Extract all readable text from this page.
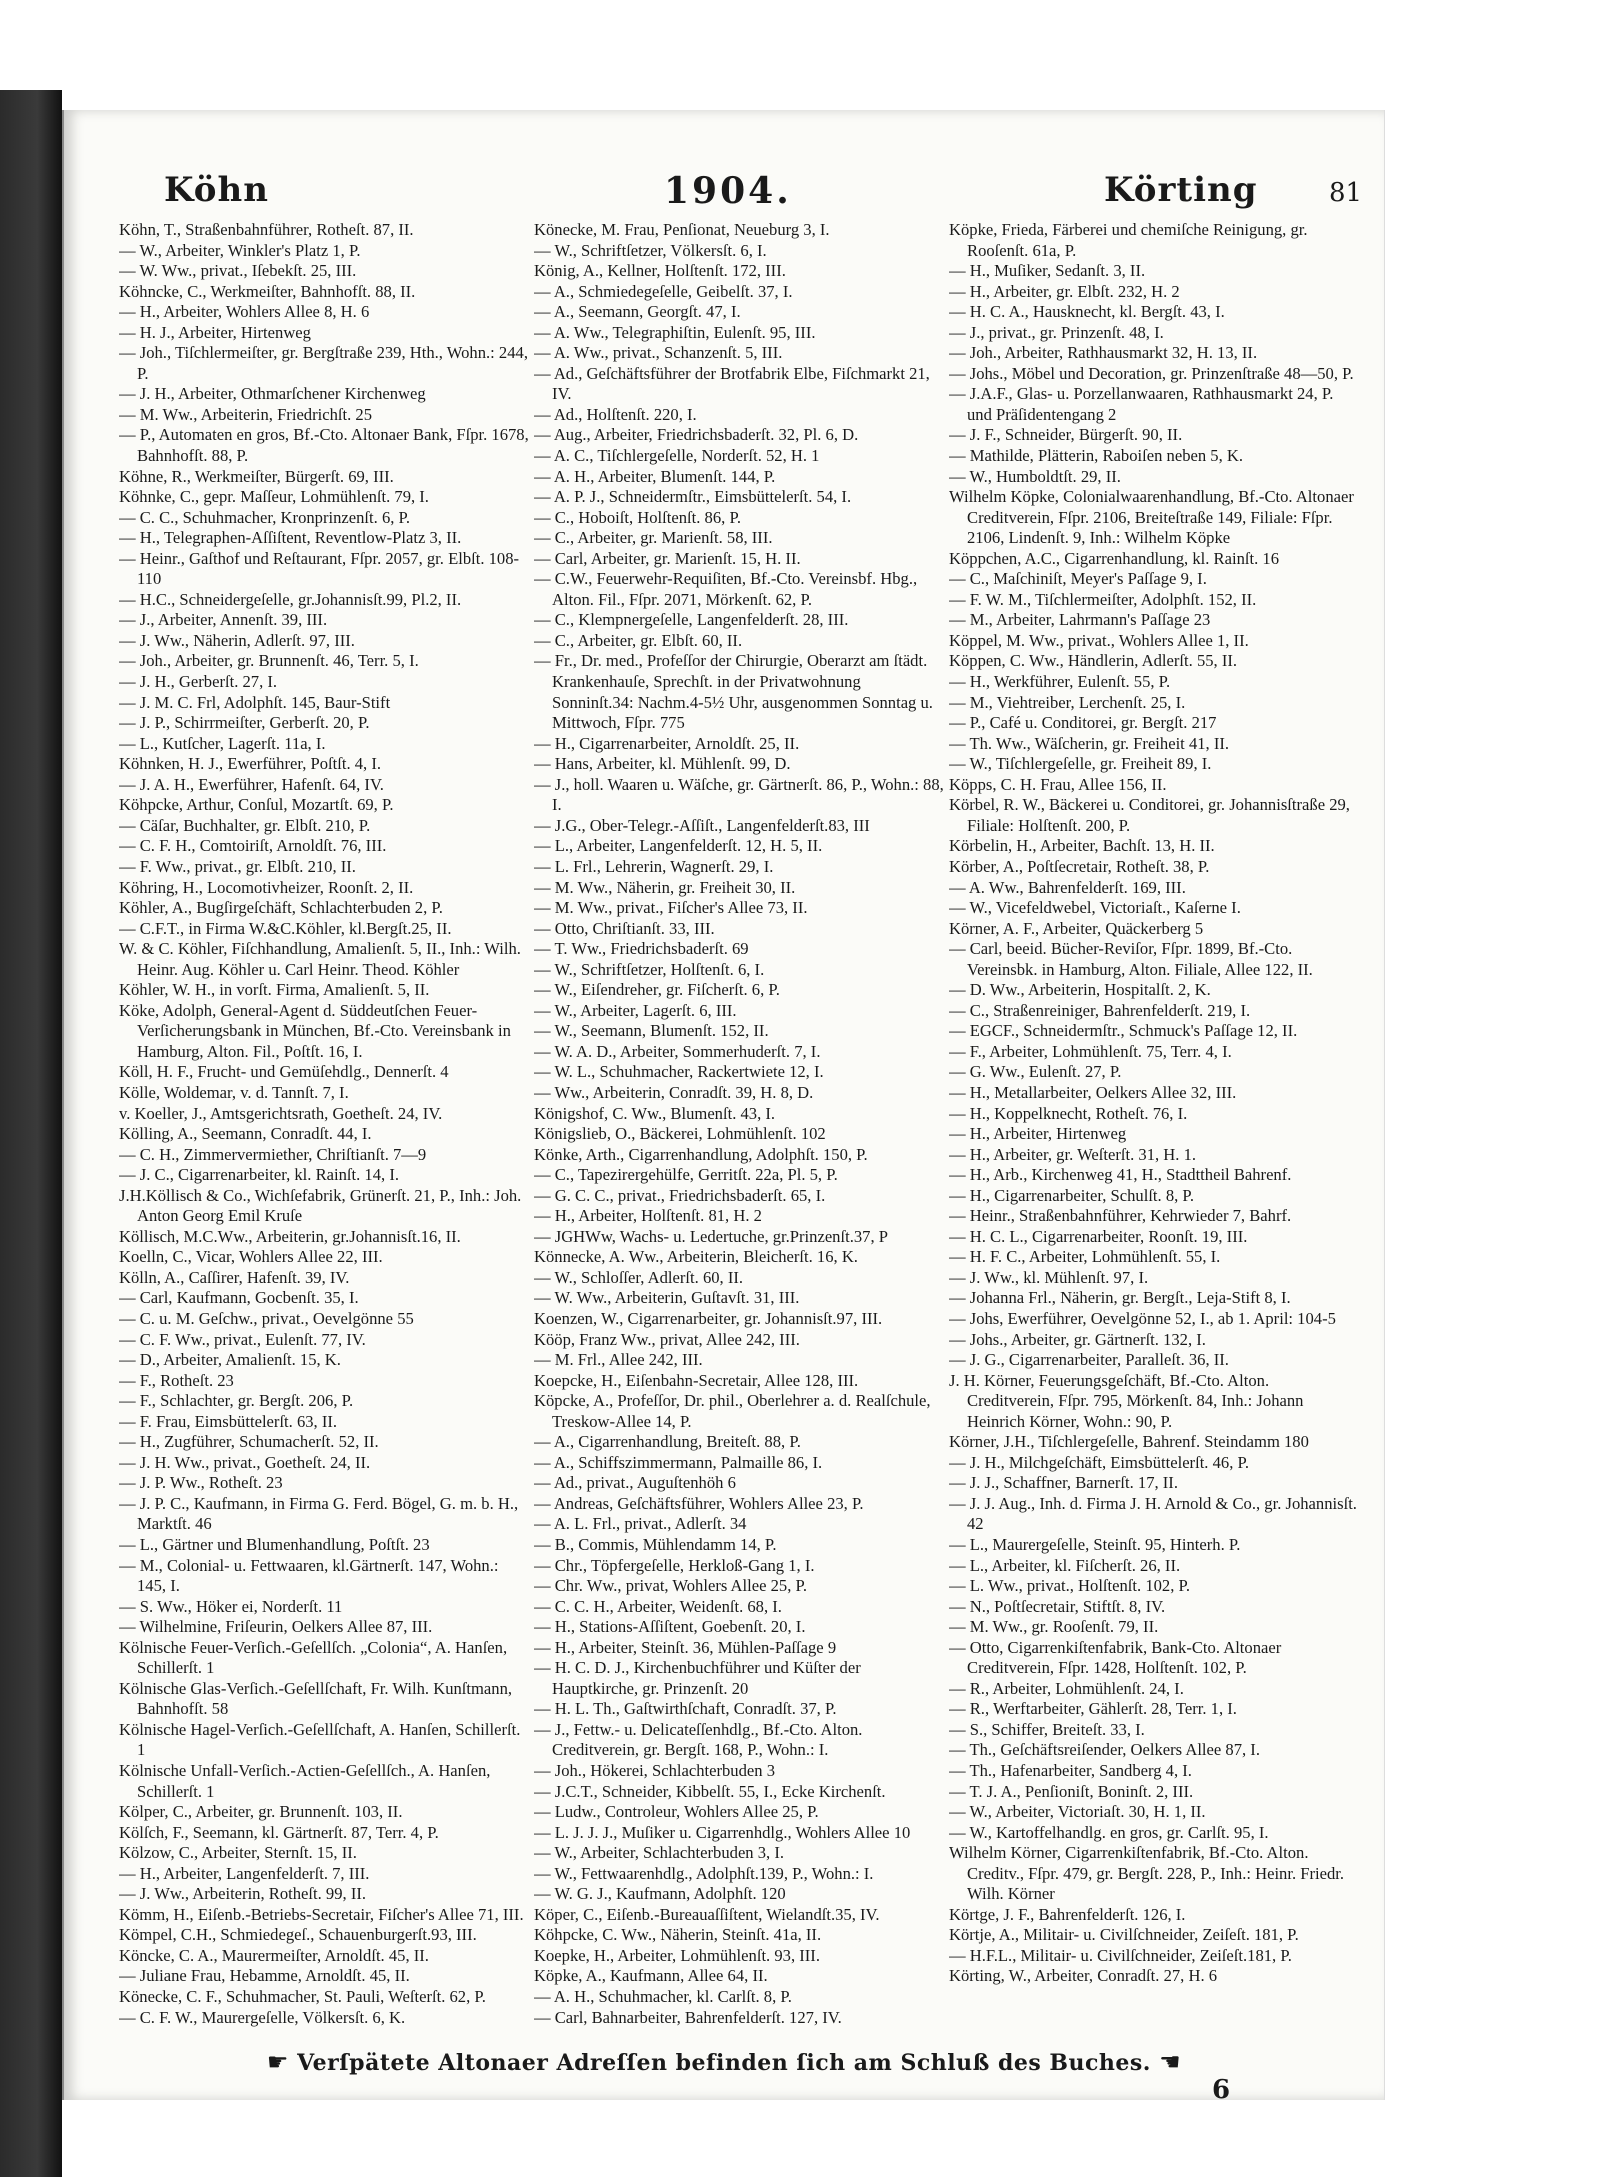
Köhn	1904.	Körting	81
Köhn, T., Straßenbahnführer, Rotheſt. 87, II.
— W., Arbeiter, Winkler's Platz 1, P.
— W. Ww., privat., Iſebekſt. 25, III.
Köhncke, C., Werkmeiſter, Bahnhofſt. 88, II.
— H., Arbeiter, Wohlers Allee 8, H. 6
— H. J., Arbeiter, Hirtenweg
— Joh., Tiſchlermeiſter, gr. Bergſtraße 239, Hth., Wohn.: 244, P.
— J. H., Arbeiter, Othmarſchener Kirchenweg
— M. Ww., Arbeiterin, Friedrichſt. 25
— P., Automaten en gros, Bf.-Cto. Altonaer Bank, Fſpr. 1678, Bahnhofſt. 88, P.
Köhne, R., Werkmeiſter, Bürgerſt. 69, III.
Köhnke, C., gepr. Maſſeur, Lohmühlenſt. 79, I.
— C. C., Schuhmacher, Kronprinzenſt. 6, P.
— H., Telegraphen-Aſſiſtent, Reventlow-Platz 3, II.
— Heinr., Gaſthof und Reſtaurant, Fſpr. 2057, gr. Elbſt. 108-110
— H.C., Schneidergeſelle, gr.Johannisſt.99, Pl.2, II.
— J., Arbeiter, Annenſt. 39, III.
— J. Ww., Näherin, Adlerſt. 97, III.
— Joh., Arbeiter, gr. Brunnenſt. 46, Terr. 5, I.
— J. H., Gerberſt. 27, I.
— J. M. C. Frl, Adolphſt. 145, Baur-Stift
— J. P., Schirrmeiſter, Gerberſt. 20, P.
— L., Kutſcher, Lagerſt. 11a, I.
Köhnken, H. J., Ewerführer, Poſtſt. 4, I.
— J. A. H., Ewerführer, Hafenſt. 64, IV.
Köhpcke, Arthur, Conſul, Mozartſt. 69, P.
— Cäſar, Buchhalter, gr. Elbſt. 210, P.
— C. F. H., Comtoiriſt, Arnoldſt. 76, III.
— F. Ww., privat., gr. Elbſt. 210, II.
Köhring, H., Locomotivheizer, Roonſt. 2, II.
Köhler, A., Bugſirgeſchäft, Schlachterbuden 2, P.
— C.F.T., in Firma W.&C.Köhler, kl.Bergſt.25, II.
W. & C. Köhler, Fiſchhandlung, Amalienſt. 5, II., Inh.: Wilh. Heinr. Aug. Köhler u. Carl Heinr. Theod. Köhler
Köhler, W. H., in vorſt. Firma, Amalienſt. 5, II.
Köke, Adolph, General-Agent d. Süddeutſchen Feuer-Verſicherungsbank in München, Bf.-Cto. Vereinsbank in Hamburg, Alton. Fil., Poſtſt. 16, I.
Köll, H. F., Frucht- und Gemüſehdlg., Dennerſt. 4
Kölle, Woldemar, v. d. Tannſt. 7, I.
v. Koeller, J., Amtsgerichtsrath, Goetheſt. 24, IV.
Kölling, A., Seemann, Conradſt. 44, I.
— C. H., Zimmervermiether, Chriſtianſt. 7—9
— J. C., Cigarrenarbeiter, kl. Rainſt. 14, I.
J.H.Köllisch & Co., Wichſefabrik, Grünerſt. 21, P., Inh.: Joh. Anton Georg Emil Kruſe
Köllisch, M.C.Ww., Arbeiterin, gr.Johannisſt.16, II.
Koelln, C., Vicar, Wohlers Allee 22, III.
Kölln, A., Caſſirer, Hafenſt. 39, IV.
— Carl, Kaufmann, Gocbenſt. 35, I.
— C. u. M. Geſchw., privat., Oevelgönne 55
— C. F. Ww., privat., Eulenſt. 77, IV.
— D., Arbeiter, Amalienſt. 15, K.
— F., Rotheſt. 23
— F., Schlachter, gr. Bergſt. 206, P.
— F. Frau, Eimsbüttelerſt. 63, II.
— H., Zugführer, Schumacherſt. 52, II.
— J. H. Ww., privat., Goetheſt. 24, II.
— J. P. Ww., Rotheſt. 23
— J. P. C., Kaufmann, in Firma G. Ferd. Bögel, G. m. b. H., Marktſt. 46
— L., Gärtner und Blumenhandlung, Poſtſt. 23
— M., Colonial- u. Fettwaaren, kl.Gärtnerſt. 147, Wohn.: 145, I.
— S. Ww., Höker ei, Norderſt. 11
— Wilhelmine, Friſeurin, Oelkers Allee 87, III.
Kölnische Feuer-Verſich.-Geſellſch. „Colonia“, A. Hanſen, Schillerſt. 1
Kölnische Glas-Verſich.-Geſellſchaft, Fr. Wilh. Kunſtmann, Bahnhofſt. 58
Kölnische Hagel-Verſich.-Geſellſchaft, A. Hanſen, Schillerſt. 1
Kölnische Unfall-Verſich.-Actien-Geſellſch., A. Hanſen, Schillerſt. 1
Kölper, C., Arbeiter, gr. Brunnenſt. 103, II.
Kölſch, F., Seemann, kl. Gärtnerſt. 87, Terr. 4, P.
Kölzow, C., Arbeiter, Sternſt. 15, II.
— H., Arbeiter, Langenfelderſt. 7, III.
— J. Ww., Arbeiterin, Rotheſt. 99, II.
Kömm, H., Eiſenb.-Betriebs-Secretair, Fiſcher's Allee 71, III.
Kömpel, C.H., Schmiedegeſ., Schauenburgerſt.93, III.
Köncke, C. A., Maurermeiſter, Arnoldſt. 45, II.
— Juliane Frau, Hebamme, Arnoldſt. 45, II.
Könecke, C. F., Schuhmacher, St. Pauli, Weſterſt. 62, P.
— C. F. W., Maurergeſelle, Völkersſt. 6, K.
Könecke, M. Frau, Penſionat, Neueburg 3, I.
— W., Schriftſetzer, Völkersſt. 6, I.
König, A., Kellner, Holſtenſt. 172, III.
— A., Schmiedegeſelle, Geibelſt. 37, I.
— A., Seemann, Georgſt. 47, I.
— A. Ww., Telegraphiſtin, Eulenſt. 95, III.
— A. Ww., privat., Schanzenſt. 5, III.
— Ad., Geſchäftsführer der Brotfabrik Elbe, Fiſchmarkt 21, IV.
— Ad., Holſtenſt. 220, I.
— Aug., Arbeiter, Friedrichsbaderſt. 32, Pl. 6, D.
— A. C., Tiſchlergeſelle, Norderſt. 52, H. 1
— A. H., Arbeiter, Blumenſt. 144, P.
— A. P. J., Schneidermſtr., Eimsbüttelerſt. 54, I.
— C., Hoboiſt, Holſtenſt. 86, P.
— C., Arbeiter, gr. Marienſt. 58, III.
— Carl, Arbeiter, gr. Marienſt. 15, H. II.
— C.W., Feuerwehr-Requiſiten, Bf.-Cto. Vereinsbf. Hbg., Alton. Fil., Fſpr. 2071, Mörkenſt. 62, P.
— C., Klempnergeſelle, Langenfelderſt. 28, III.
— C., Arbeiter, gr. Elbſt. 60, II.
— Fr., Dr. med., Profeſſor der Chirurgie, Oberarzt am ſtädt. Krankenhauſe, Sprechſt. in der Privatwohnung Sonninſt.34: Nachm.4-5½ Uhr, ausgenommen Sonntag u. Mittwoch, Fſpr. 775
— H., Cigarrenarbeiter, Arnoldſt. 25, II.
— Hans, Arbeiter, kl. Mühlenſt. 99, D.
— J., holl. Waaren u. Wäſche, gr. Gärtnerſt. 86, P., Wohn.: 88, I.
— J.G., Ober-Telegr.-Aſſiſt., Langenfelderſt.83, III
— L., Arbeiter, Langenfelderſt. 12, H. 5, II.
— L. Frl., Lehrerin, Wagnerſt. 29, I.
— M. Ww., Näherin, gr. Freiheit 30, II.
— M. Ww., privat., Fiſcher's Allee 73, II.
— Otto, Chriſtianſt. 33, III.
— T. Ww., Friedrichsbaderſt. 69
— W., Schriftſetzer, Holſtenſt. 6, I.
— W., Eiſendreher, gr. Fiſcherſt. 6, P.
— W., Arbeiter, Lagerſt. 6, III.
— W., Seemann, Blumenſt. 152, II.
— W. A. D., Arbeiter, Sommerhuderſt. 7, I.
— W. L., Schuhmacher, Rackertwiete 12, I.
— Ww., Arbeiterin, Conradſt. 39, H. 8, D.
Königshof, C. Ww., Blumenſt. 43, I.
Königslieb, O., Bäckerei, Lohmühlenſt. 102
Könke, Arth., Cigarrenhandlung, Adolphſt. 150, P.
— C., Tapezirergehülfe, Gerritſt. 22a, Pl. 5, P.
— G. C. C., privat., Friedrichsbaderſt. 65, I.
— H., Arbeiter, Holſtenſt. 81, H. 2
— JGHWw, Wachs- u. Ledertuche, gr.Prinzenſt.37, P
Könnecke, A. Ww., Arbeiterin, Bleicherſt. 16, K.
— W., Schloſſer, Adlerſt. 60, II.
— W. Ww., Arbeiterin, Guſtavſt. 31, III.
Koenzen, W., Cigarrenarbeiter, gr. Johannisſt.97, III.
Kööp, Franz Ww., privat, Allee 242, III.
— M. Frl., Allee 242, III.
Koepcke, H., Eiſenbahn-Secretair, Allee 128, III.
Köpcke, A., Profeſſor, Dr. phil., Oberlehrer a. d. Realſchule, Treskow-Allee 14, P.
— A., Cigarrenhandlung, Breiteſt. 88, P.
— A., Schiffszimmermann, Palmaille 86, I.
— Ad., privat., Auguſtenhöh 6
— Andreas, Geſchäftsführer, Wohlers Allee 23, P.
— A. L. Frl., privat., Adlerſt. 34
— B., Commis, Mühlendamm 14, P.
— Chr., Töpfergeſelle, Herkloß-Gang 1, I.
— Chr. Ww., privat, Wohlers Allee 25, P.
— C. C. H., Arbeiter, Weidenſt. 68, I.
— H., Stations-Aſſiſtent, Goebenſt. 20, I.
— H., Arbeiter, Steinſt. 36, Mühlen-Paſſage 9
— H. C. D. J., Kirchenbuchführer und Küſter der Hauptkirche, gr. Prinzenſt. 20
— H. L. Th., Gaſtwirthſchaft, Conradſt. 37, P.
— J., Fettw.- u. Delicateſſenhdlg., Bf.-Cto. Alton. Creditverein, gr. Bergſt. 168, P., Wohn.: I.
— Joh., Hökerei, Schlachterbuden 3
— J.C.T., Schneider, Kibbelſt. 55, I., Ecke Kirchenſt.
— Ludw., Controleur, Wohlers Allee 25, P.
— L. J. J. J., Muſiker u. Cigarrenhdlg., Wohlers Allee 10
— W., Arbeiter, Schlachterbuden 3, I.
— W., Fettwaarenhdlg., Adolphſt.139, P., Wohn.: I.
— W. G. J., Kaufmann, Adolphſt. 120
Köper, C., Eiſenb.-Bureauaſſiſtent, Wielandſt.35, IV.
Köhpcke, C. Ww., Näherin, Steinſt. 41a, II.
Koepke, H., Arbeiter, Lohmühlenſt. 93, III.
Köpke, A., Kaufmann, Allee 64, II.
— A. H., Schuhmacher, kl. Carlſt. 8, P.
— Carl, Bahnarbeiter, Bahrenfelderſt. 127, IV.
Köpke, Frieda, Färberei und chemiſche Reinigung, gr. Rooſenſt. 61a, P.
— H., Muſiker, Sedanſt. 3, II.
— H., Arbeiter, gr. Elbſt. 232, H. 2
— H. C. A., Hausknecht, kl. Bergſt. 43, I.
— J., privat., gr. Prinzenſt. 48, I.
— Joh., Arbeiter, Rathhausmarkt 32, H. 13, II.
— Johs., Möbel und Decoration, gr. Prinzenſtraße 48—50, P.
— J.A.F., Glas- u. Porzellanwaaren, Rathhausmarkt 24, P. und Präſidentengang 2
— J. F., Schneider, Bürgerſt. 90, II.
— Mathilde, Plätterin, Raboiſen neben 5, K.
— W., Humboldtſt. 29, II.
Wilhelm Köpke, Colonialwaarenhandlung, Bf.-Cto. Altonaer Creditverein, Fſpr. 2106, Breiteſtraße 149, Filiale: Fſpr. 2106, Lindenſt. 9, Inh.: Wilhelm Köpke
Köppchen, A.C., Cigarrenhandlung, kl. Rainſt. 16
— C., Maſchiniſt, Meyer's Paſſage 9, I.
— F. W. M., Tiſchlermeiſter, Adolphſt. 152, II.
— M., Arbeiter, Lahrmann's Paſſage 23
Köppel, M. Ww., privat., Wohlers Allee 1, II.
Köppen, C. Ww., Händlerin, Adlerſt. 55, II.
— H., Werkführer, Eulenſt. 55, P.
— M., Viehtreiber, Lerchenſt. 25, I.
— P., Café u. Conditorei, gr. Bergſt. 217
— Th. Ww., Wäſcherin, gr. Freiheit 41, II.
— W., Tiſchlergeſelle, gr. Freiheit 89, I.
Köpps, C. H. Frau, Allee 156, II.
Körbel, R. W., Bäckerei u. Conditorei, gr. Johannisſtraße 29, Filiale: Holſtenſt. 200, P.
Körbelin, H., Arbeiter, Bachſt. 13, H. II.
Körber, A., Poſtſecretair, Rotheſt. 38, P.
— A. Ww., Bahrenfelderſt. 169, III.
— W., Vicefeldwebel, Victoriaſt., Kaſerne I.
Körner, A. F., Arbeiter, Quäckerberg 5
— Carl, beeid. Bücher-Reviſor, Fſpr. 1899, Bf.-Cto. Vereinsbk. in Hamburg, Alton. Filiale, Allee 122, II.
— D. Ww., Arbeiterin, Hospitalſt. 2, K.
— C., Straßenreiniger, Bahrenfelderſt. 219, I.
— EGCF., Schneidermſtr., Schmuck's Paſſage 12, II.
— F., Arbeiter, Lohmühlenſt. 75, Terr. 4, I.
— G. Ww., Eulenſt. 27, P.
— H., Metallarbeiter, Oelkers Allee 32, III.
— H., Koppelknecht, Rotheſt. 76, I.
— H., Arbeiter, Hirtenweg
— H., Arbeiter, gr. Weſterſt. 31, H. 1.
— H., Arb., Kirchenweg 41, H., Stadttheil Bahrenf.
— H., Cigarrenarbeiter, Schulſt. 8, P.
— Heinr., Straßenbahnführer, Kehrwieder 7, Bahrf.
— H. C. L., Cigarrenarbeiter, Roonſt. 19, III.
— H. F. C., Arbeiter, Lohmühlenſt. 55, I.
— J. Ww., kl. Mühlenſt. 97, I.
— Johanna Frl., Näherin, gr. Bergſt., Leja-Stift 8, I.
— Johs, Ewerführer, Oevelgönne 52, I., ab 1. April: 104-5
— Johs., Arbeiter, gr. Gärtnerſt. 132, I.
— J. G., Cigarrenarbeiter, Paralleſt. 36, II.
J. H. Körner, Feuerungsgeſchäft, Bf.-Cto. Alton. Creditverein, Fſpr. 795, Mörkenſt. 84, Inh.: Johann Heinrich Körner, Wohn.: 90, P.
Körner, J.H., Tiſchlergeſelle, Bahrenf. Steindamm 180
— J. H., Milchgeſchäft, Eimsbüttelerſt. 46, P.
— J. J., Schaffner, Barnerſt. 17, II.
— J. J. Aug., Inh. d. Firma J. H. Arnold & Co., gr. Johannisſt. 42
— L., Maurergeſelle, Steinſt. 95, Hinterh. P.
— L., Arbeiter, kl. Fiſcherſt. 26, II.
— L. Ww., privat., Holſtenſt. 102, P.
— N., Poſtſecretair, Stiftſt. 8, IV.
— M. Ww., gr. Rooſenſt. 79, II.
— Otto, Cigarrenkiſtenfabrik, Bank-Cto. Altonaer Creditverein, Fſpr. 1428, Holſtenſt. 102, P.
— R., Arbeiter, Lohmühlenſt. 24, I.
— R., Werftarbeiter, Gählerſt. 28, Terr. 1, I.
— S., Schiffer, Breiteſt. 33, I.
— Th., Geſchäftsreiſender, Oelkers Allee 87, I.
— Th., Hafenarbeiter, Sandberg 4, I.
— T. J. A., Penſioniſt, Boninſt. 2, III.
— W., Arbeiter, Victoriaſt. 30, H. 1, II.
— W., Kartoffelhandlg. en gros, gr. Carlſt. 95, I.
Wilhelm Körner, Cigarrenkiſtenfabrik, Bf.-Cto. Alton. Creditv., Fſpr. 479, gr. Bergſt. 228, P., Inh.: Heinr. Friedr. Wilh. Körner
Körtge, J. F., Bahrenfelderſt. 126, I.
Körtje, A., Militair- u. Civilſchneider, Zeiſeſt. 181, P.
— H.F.L., Militair- u. Civilſchneider, Zeiſeſt.181, P.
Körting, W., Arbeiter, Conradſt. 27, H. 6
☛ Verſpätete Altonaer Adreſſen befinden ſich am Schluß des Buches. ☚
6
